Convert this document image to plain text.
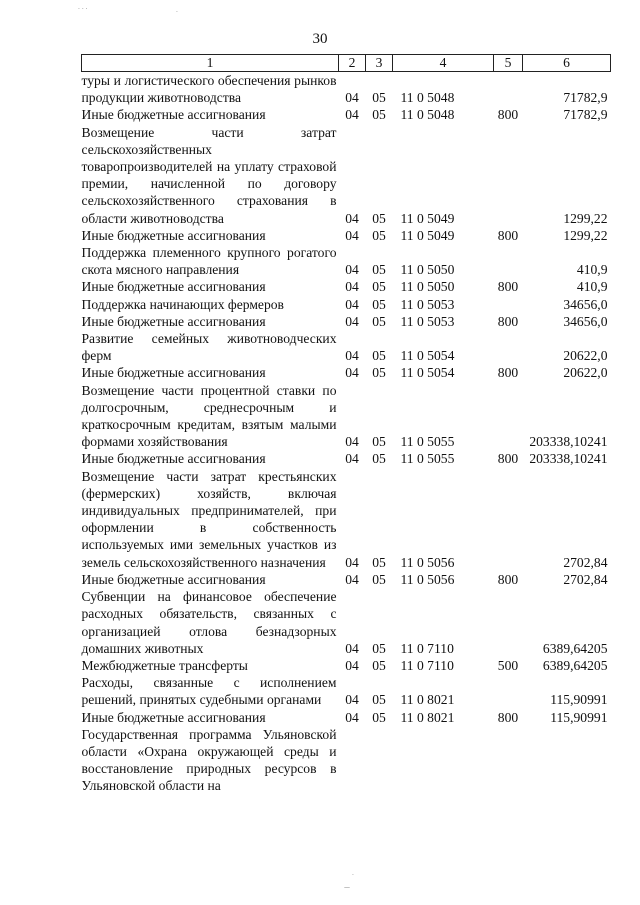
· · ·	·
30
1	2	3	4	5	6
туры и логистического обеспечения рынков продукции животноводства	04	05	11 0 5048		71782,9
Иные бюджетные ассигнования	04	05	11 0 5048	800	71782,9
Возмещение части затрат сельскохозяйственных товаропроизводителей на уплату страховой премии, начисленной по договору сельскохозяйственного страхования в области животноводства	04	05	11 0 5049		1299,22
Иные бюджетные ассигнования	04	05	11 0 5049	800	1299,22
Поддержка племенного крупного рогатого скота мясного направления	04	05	11 0 5050		410,9
Иные бюджетные ассигнования	04	05	11 0 5050	800	410,9
Поддержка начинающих фермеров	04	05	11 0 5053		34656,0
Иные бюджетные ассигнования	04	05	11 0 5053	800	34656,0
Развитие семейных животноводческих ферм	04	05	11 0 5054		20622,0
Иные бюджетные ассигнования	04	05	11 0 5054	800	20622,0
Возмещение части процентной ставки по долгосрочным, среднесрочным и краткосрочным кредитам, взятым малыми формами хозяйствования	04	05	11 0 5055		203338,10241
Иные бюджетные ассигнования	04	05	11 0 5055	800	203338,10241
Возмещение части затрат крестьянских (фермерских) хозяйств, включая индивидуальных предпринимателей, при оформлении в собственность используемых ими земельных участков из земель сельскохозяйственного назначения	04	05	11 0 5056		2702,84
Иные бюджетные ассигнования	04	05	11 0 5056	800	2702,84
Субвенции на финансовое обеспечение расходных обязательств, связанных с организацией отлова безнадзорных домашних животных	04	05	11 0 7110		6389,64205
Межбюджетные трансферты	04	05	11 0 7110	500	6389,64205
Расходы, связанные с исполнением решений, принятых судебными органами	04	05	11 0 8021		115,90991
Иные бюджетные ассигнования	04	05	11 0 8021	800	115,90991
Государственная программа Ульяновской области «Охрана окружающей среды и восстановление природных ресурсов в Ульяновской области на					
·
—
